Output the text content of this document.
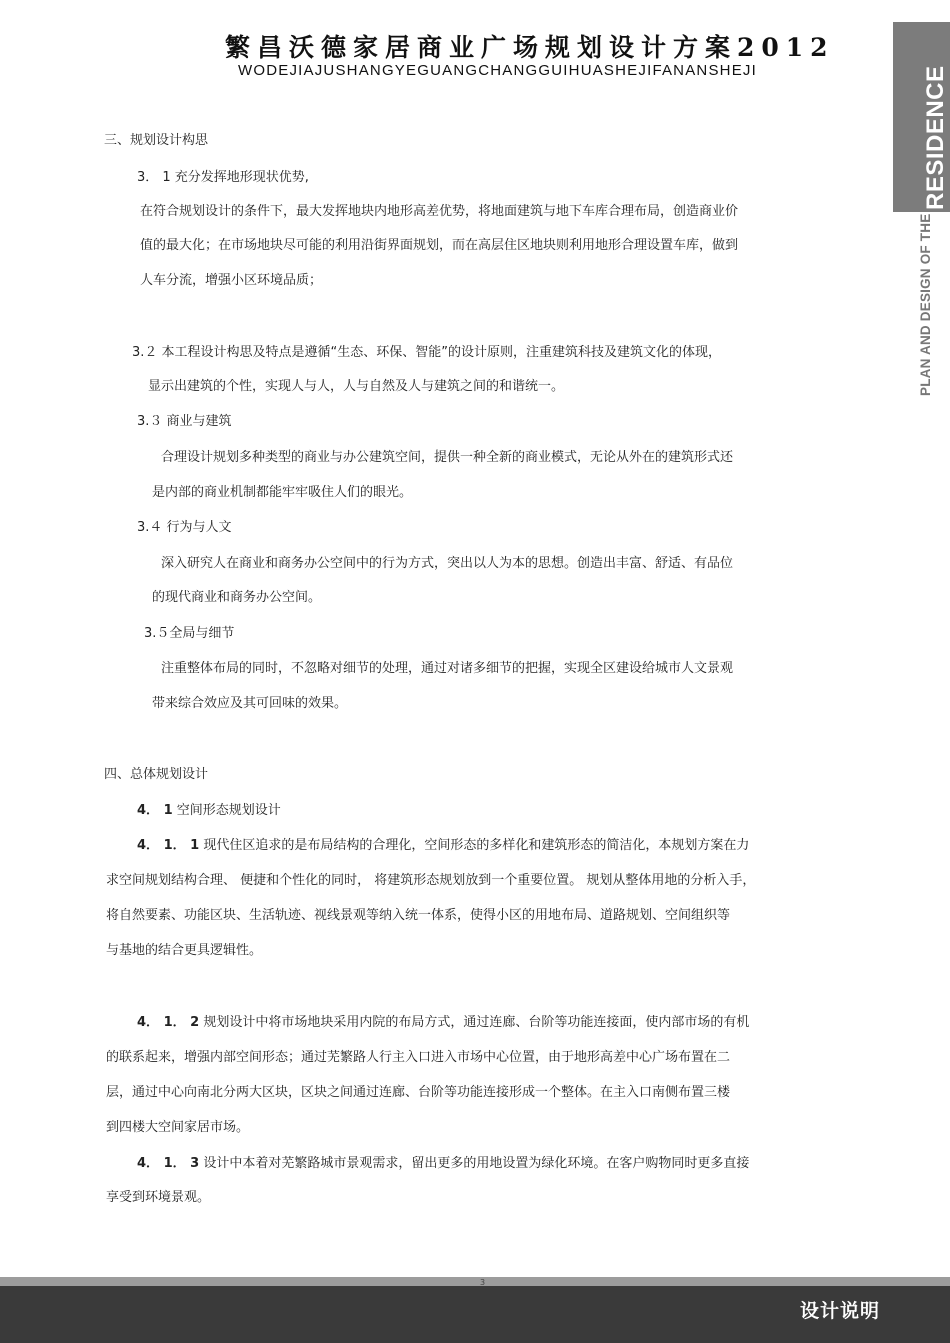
繁昌沃德家居商业广场规划设计方案2012
WODEJIAJUSHANGYEGUANGCHANGGUIHUASHEJIFANANSHEJI	RESIDENCE
PLAN AND DESIGN OF THE
三、规划设计构思
3． 1 充分发挥地形现状优势,
在符合规划设计的条件下，最大发挥地块内地形高差优势，将地面建筑与地下车库合理布局，创造商业价
值的最大化；在市场地块尽可能的利用沿街界面规划，而在高层住区地块则利用地形合理设置车库，做到
人车分流，增强小区环境品质；
3.２ 本工程设计构思及特点是遵循“生态、环保、智能”的设计原则，注重建筑科技及建筑文化的体现，
显示出建筑的个性，实现人与人，人与自然及人与建筑之间的和谐统一。
3.３ 商业与建筑
合理设计规划多种类型的商业与办公建筑空间，提供一种全新的商业模式，无论从外在的建筑形式还
是内部的商业机制都能牢牢吸住人们的眼光。
3.４ 行为与人文
深入研究人在商业和商务办公空间中的行为方式，突出以人为本的思想。创造出丰富、舒适、有品位
的现代商业和商务办公空间。
3.５全局与细节
注重整体布局的同时，不忽略对细节的处理，通过对诸多细节的把握，实现全区建设给城市人文景观
带来综合效应及其可回味的效果。
四、总体规划设计
4． 1 空间形态规划设计
4． 1． 1 现代住区追求的是布局结构的合理化，空间形态的多样化和建筑形态的简洁化，本规划方案在力
求空间规划结构合理、 便捷和个性化的同时， 将建筑形态规划放到一个重要位置。 规划从整体用地的分析入手，
将自然要素、功能区块、生活轨迹、视线景观等纳入统一体系，使得小区的用地布局、道路规划、空间组织等
与基地的结合更具逻辑性。
4． 1． 2 规划设计中将市场地块采用内院的布局方式，通过连廊、台阶等功能连接面，使内部市场的有机
的联系起来，增强内部空间形态；通过芜繁路人行主入口进入市场中心位置，由于地形高差中心广场布置在二
层，通过中心向南北分两大区块，区块之间通过连廊、台阶等功能连接形成一个整体。在主入口南侧布置三楼
到四楼大空间家居市场。
4． 1． 3 设计中本着对芜繁路城市景观需求，留出更多的用地设置为绿化环境。在客户购物同时更多直接
享受到环境景观。
3
设计说明
